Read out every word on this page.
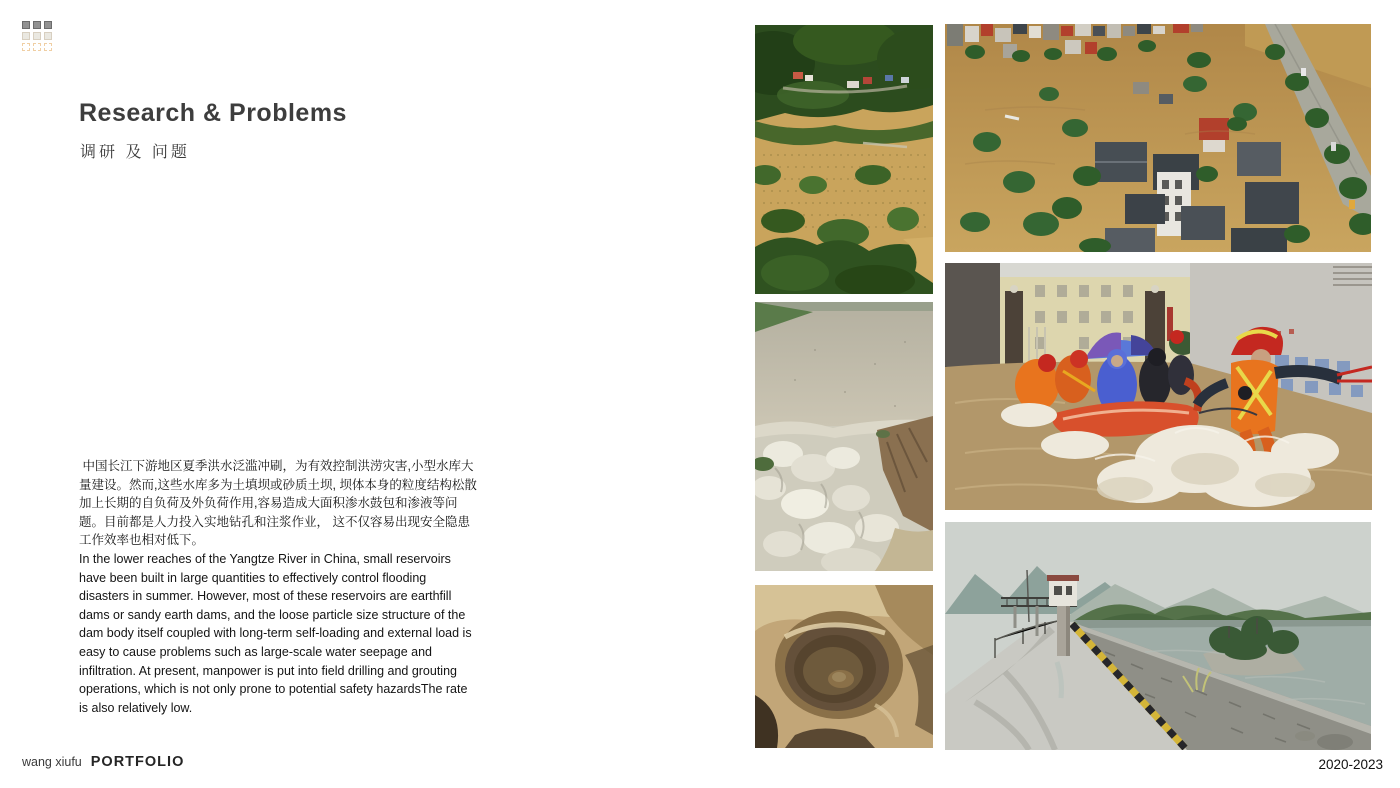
Research & Problems
调研 及 问题

中国长江下游地区夏季洪水泛滥冲刷，为有效控制洪涝灾害,小型水库大量建设。然而,这些水库多为土填坝或砂质土坝, 坝体本身的粒度结构松散加上长期的自负荷及外负荷作用,容易造成大面积渗水鼓包和渗液等问题。目前都是人力投入实地钻孔和注浆作业， 这不仅容易出现安全隐患工作效率也相对低下。

In the lower reaches of the Yangtze River in China, small reservoirs have been built in large quantities to effectively control flooding disasters in summer. However, most of these reservoirs are earthfill dams or sandy earth dams, and the loose particle size structure of the dam body itself coupled with long-term self-loading and external load is easy to cause problems such as large-scale water seepage and infiltration. At present, manpower is put into field drilling and grouting operations, which is not only prone to potential safety hazardsThe rate is also relatively low.

wang xiufu PORTFOLIO	2020-2023
